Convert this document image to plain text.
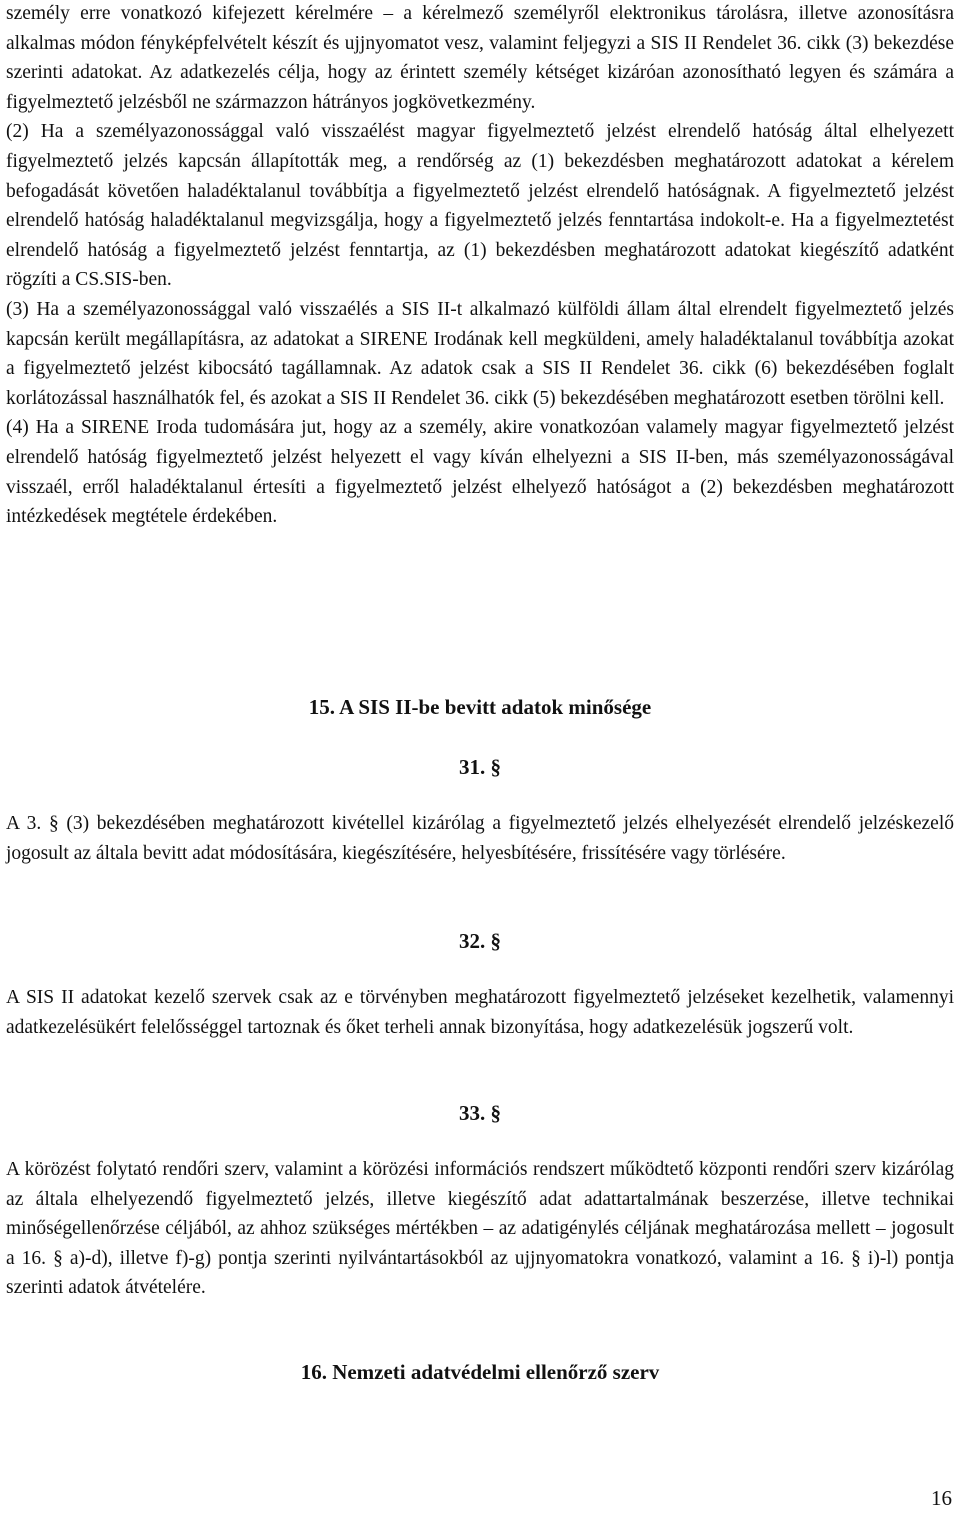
személy erre vonatkozó kifejezett kérelmére – a kérelmező személyről elektronikus tárolásra, illetve azonosításra alkalmas módon fényképfelvételt készít és ujjnyomatot vesz, valamint feljegyzi a SIS II Rendelet 36. cikk (3) bekezdése szerinti adatokat. Az adatkezelés célja, hogy az érintett személy kétséget kizáróan azonosítható legyen és számára a figyelmeztető jelzésből ne származzon hátrányos jogkövetkezmény.

(2) Ha a személyazonossággal való visszaélést magyar figyelmeztető jelzést elrendelő hatóság által elhelyezett figyelmeztető jelzés kapcsán állapították meg, a rendőrség az (1) bekezdésben meghatározott adatokat a kérelem befogadását követően haladéktalanul továbbítja a figyelmeztető jelzést elrendelő hatóságnak. A figyelmeztető jelzést elrendelő hatóság haladéktalanul megvizsgálja, hogy a figyelmeztető jelzés fenntartása indokolt-e. Ha a figyelmeztetést elrendelő hatóság a figyelmeztető jelzést fenntartja, az (1) bekezdésben meghatározott adatokat kiegészítő adatként rögzíti a CS.SIS-ben.

(3) Ha a személyazonossággal való visszaélés a SIS II-t alkalmazó külföldi állam által elrendelt figyelmeztető jelzés kapcsán került megállapításra, az adatokat a SIRENE Irodának kell megküldeni, amely haladéktalanul továbbítja azokat a figyelmeztető jelzést kibocsátó tagállamnak. Az adatok csak a SIS II Rendelet 36. cikk (6) bekezdésében foglalt korlátozással használhatók fel, és azokat a SIS II Rendelet 36. cikk (5) bekezdésében meghatározott esetben törölni kell.

(4) Ha a SIRENE Iroda tudomására jut, hogy az a személy, akire vonatkozóan valamely magyar figyelmeztető jelzést elrendelő hatóság figyelmeztető jelzést helyezett el vagy kíván elhelyezni a SIS II-ben, más személyazonosságával visszaél, erről haladéktalanul értesíti a figyelmeztető jelzést elhelyező hatóságot a (2) bekezdésben meghatározott intézkedések megtétele érdekében.

15. A SIS II-be bevitt adatok minősége

31. §

A 3. § (3) bekezdésében meghatározott kivétellel kizárólag a figyelmeztető jelzés elhelyezését elrendelő jelzéskezelő jogosult az általa bevitt adat módosítására, kiegészítésére, helyesbítésére, frissítésére vagy törlésére.

32. §

A SIS II adatokat kezelő szervek csak az e törvényben meghatározott figyelmeztető jelzéseket kezelhetik, valamennyi adatkezelésükért felelősséggel tartoznak és őket terheli annak bizonyítása, hogy adatkezelésük jogszerű volt.

33. §

A körözést folytató rendőri szerv, valamint a körözési információs rendszert működtető központi rendőri szerv kizárólag az általa elhelyezendő figyelmeztető jelzés, illetve kiegészítő adat adattartalmának beszerzése, illetve technikai minőségellenőrzése céljából, az ahhoz szükséges mértékben – az adatigénylés céljának meghatározása mellett – jogosult a 16. § a)-d), illetve f)-g) pontja szerinti nyilvántartásokból az ujjnyomatokra vonatkozó, valamint a 16. § i)-l) pontja szerinti adatok átvételére.

16. Nemzeti adatvédelmi ellenőrző szerv

16
